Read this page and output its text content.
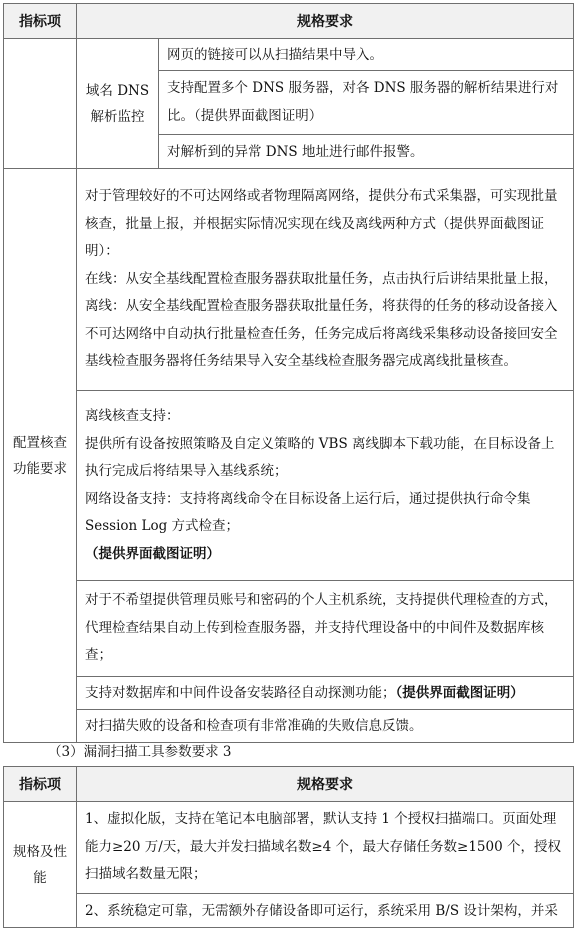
指标项	规格要求	
	域名 DNS 解析监控	网页的链接可以从扫描结果中导入。
		支持配置多个 DNS 服务器，对各 DNS 服务器的解析结果进行对比。（提供界面截图证明）
		对解析到的异常 DNS 地址进行邮件报警。
配置核查功能要求	对于管理较好的不可达网络或者物理隔离网络，提供分布式采集器，可实现批量核查，批量上报，并根据实际情况实现在线及离线两种方式（提供界面截图证明）：
在线：从安全基线配置检查服务器获取批量任务，点击执行后讲结果批量上报，
离线：从安全基线配置检查服务器获取批量任务，将获得的任务的移动设备接入不可达网络中自动执行批量检查任务，任务完成后将离线采集移动设备接回安全基线检查服务器将任务结果导入安全基线检查服务器完成离线批量核查。	

	离线核查支持：
提供所有设备按照策略及自定义策略的 VBS 离线脚本下载功能，在目标设备上执行完成后将结果导入基线系统；
网络设备支持：支持将离线命令在目标设备上运行后，通过提供执行命令集 Session Log 方式检查；
（提供界面截图证明）	

	对于不希望提供管理员账号和密码的个人主机系统，支持提供代理检查的方式，代理检查结果自动上传到检查服务器，并支持代理设备中的中间件及数据库核查；	
	支持对数据库和中间件设备安装路径自动探测功能；（提供界面截图证明）	
	对扫描失败的设备和检查项有非常准确的失败信息反馈。	
（3）漏洞扫描工具参数要求 3
指标项	规格要求
规格及性能	1、虚拟化版，支持在笔记本电脑部署，默认支持 1 个授权扫描端口。页面处理能力≥20 万/天，最大并发扫描域名数≥4 个，最大存储任务数≥1500 个，授权扫描域名数量无限；
	2、系统稳定可靠，无需额外存储设备即可运行，系统采用 B/S 设计架构，并采
